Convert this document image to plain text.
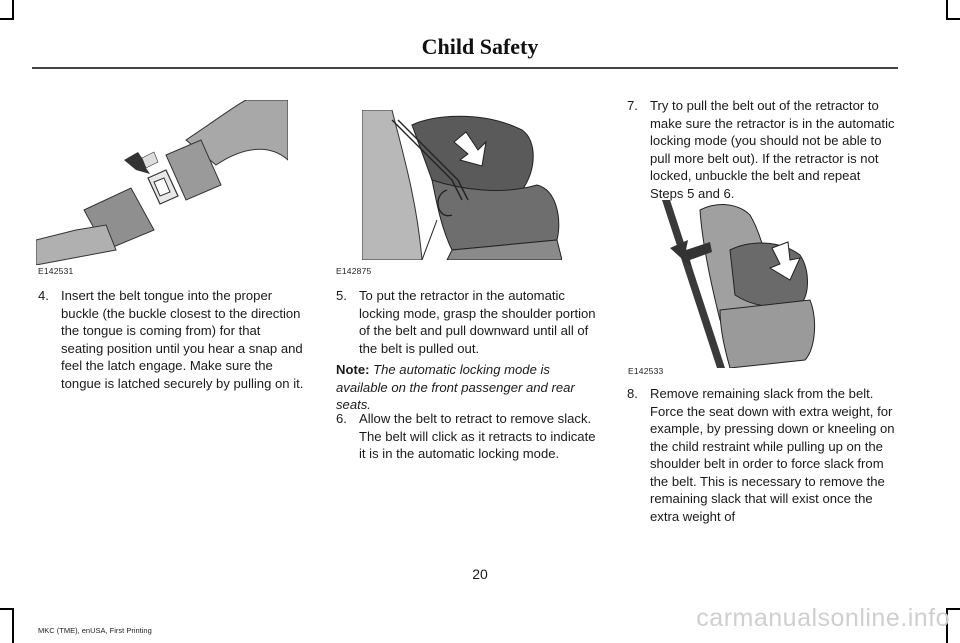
Child Safety
E142531	E142875
E142533
4. Insert the belt tongue into the proper buckle (the buckle closest to the direction the tongue is coming from) for that seating position until you hear a snap and feel the latch engage. Make sure the tongue is latched securely by pulling on it.
5. To put the retractor in the automatic locking mode, grasp the shoulder portion of the belt and pull downward until all of the belt is pulled out.

Note: The automatic locking mode is available on the front passenger and rear seats.

6. Allow the belt to retract to remove slack. The belt will click as it retracts to indicate it is in the automatic locking mode.
7. Try to pull the belt out of the retractor to make sure the retractor is in the automatic locking mode (you should not be able to pull more belt out). If the retractor is not locked, unbuckle the belt and repeat Steps 5 and 6.
8. Remove remaining slack from the belt. Force the seat down with extra weight, for example, by pressing down or kneeling on the child restraint while pulling up on the shoulder belt in order to force slack from the belt. This is necessary to remove the remaining slack that will exist once the extra weight of
20
MKC (TME), enUSA, First Printing	carmanualsonline.info
